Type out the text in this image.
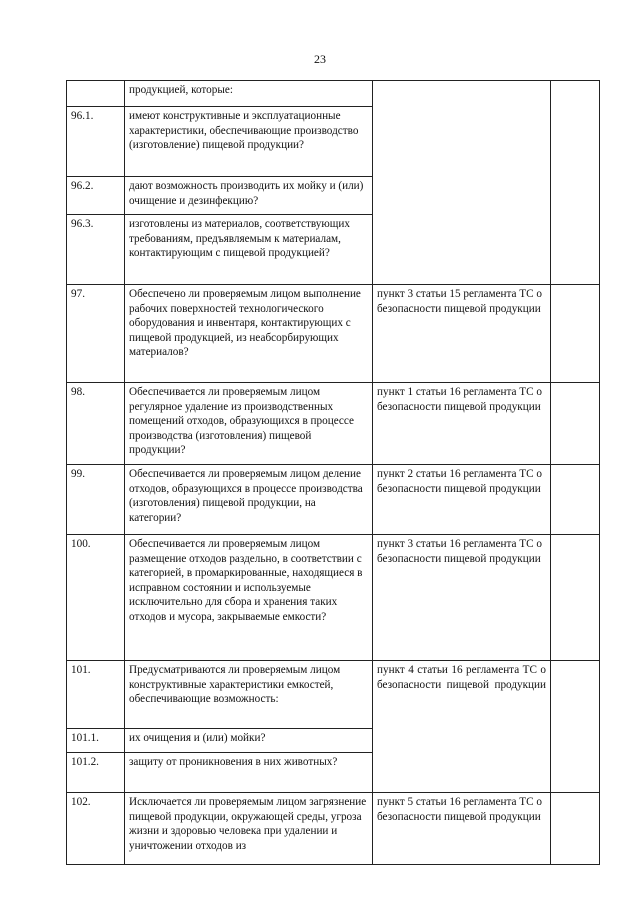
23
	продукцией, которые:		
96.1.	имеют конструктивные и эксплуатационные характеристики, обеспечивающие производство (изготовление) пищевой продукции?		
96.2.	дают возможность производить их мойку и (или) очищение и дезинфекцию?		
96.3.	изготовлены из материалов, соответствующих требованиям, предъявляемым к материалам, контактирующим с пищевой продукцией?		
97.	Обеспечено ли проверяемым лицом выполнение рабочих поверхностей технологического оборудования и инвентаря, контактирующих с пищевой продукцией, из неабсорбирующих материалов?	пункт 3 статьи 15 регламента ТС о безопасности пищевой продукции	
98.	Обеспечивается ли проверяемым лицом регулярное удаление из производственных помещений отходов, образующихся в процессе производства (изготовления) пищевой продукции?	пункт 1 статьи 16 регламента ТС о безопасности пищевой продукции	
99.	Обеспечивается ли проверяемым лицом деление отходов, образующихся в процессе производства (изготовления) пищевой продукции, на категории?	пункт 2 статьи 16 регламента ТС о безопасности пищевой продукции	
100.	Обеспечивается ли проверяемым лицом размещение отходов раздельно, в соответствии с категорией, в промаркированные, находящиеся в исправном состоянии и используемые исключительно для сбора и хранения таких отходов и мусора, закрываемые емкости?	пункт 3 статьи 16 регламента ТС о безопасности пищевой продукции	
101.	Предусматриваются ли проверяемым лицом конструктивные характеристики емкостей, обеспечивающие возможность:	пункт 4 статьи 16 регламента ТС о безопасности пищевой продукции	
101.1.	их очищения и (или) мойки?		
101.2.	защиту от проникновения в них животных?		
102.	Исключается ли проверяемым лицом загрязнение пищевой продукции, окружающей среды, угроза жизни и здоровью человека при удалении и уничтожении отходов из	пункт 5 статьи 16 регламента ТС о безопасности пищевой продукции	
